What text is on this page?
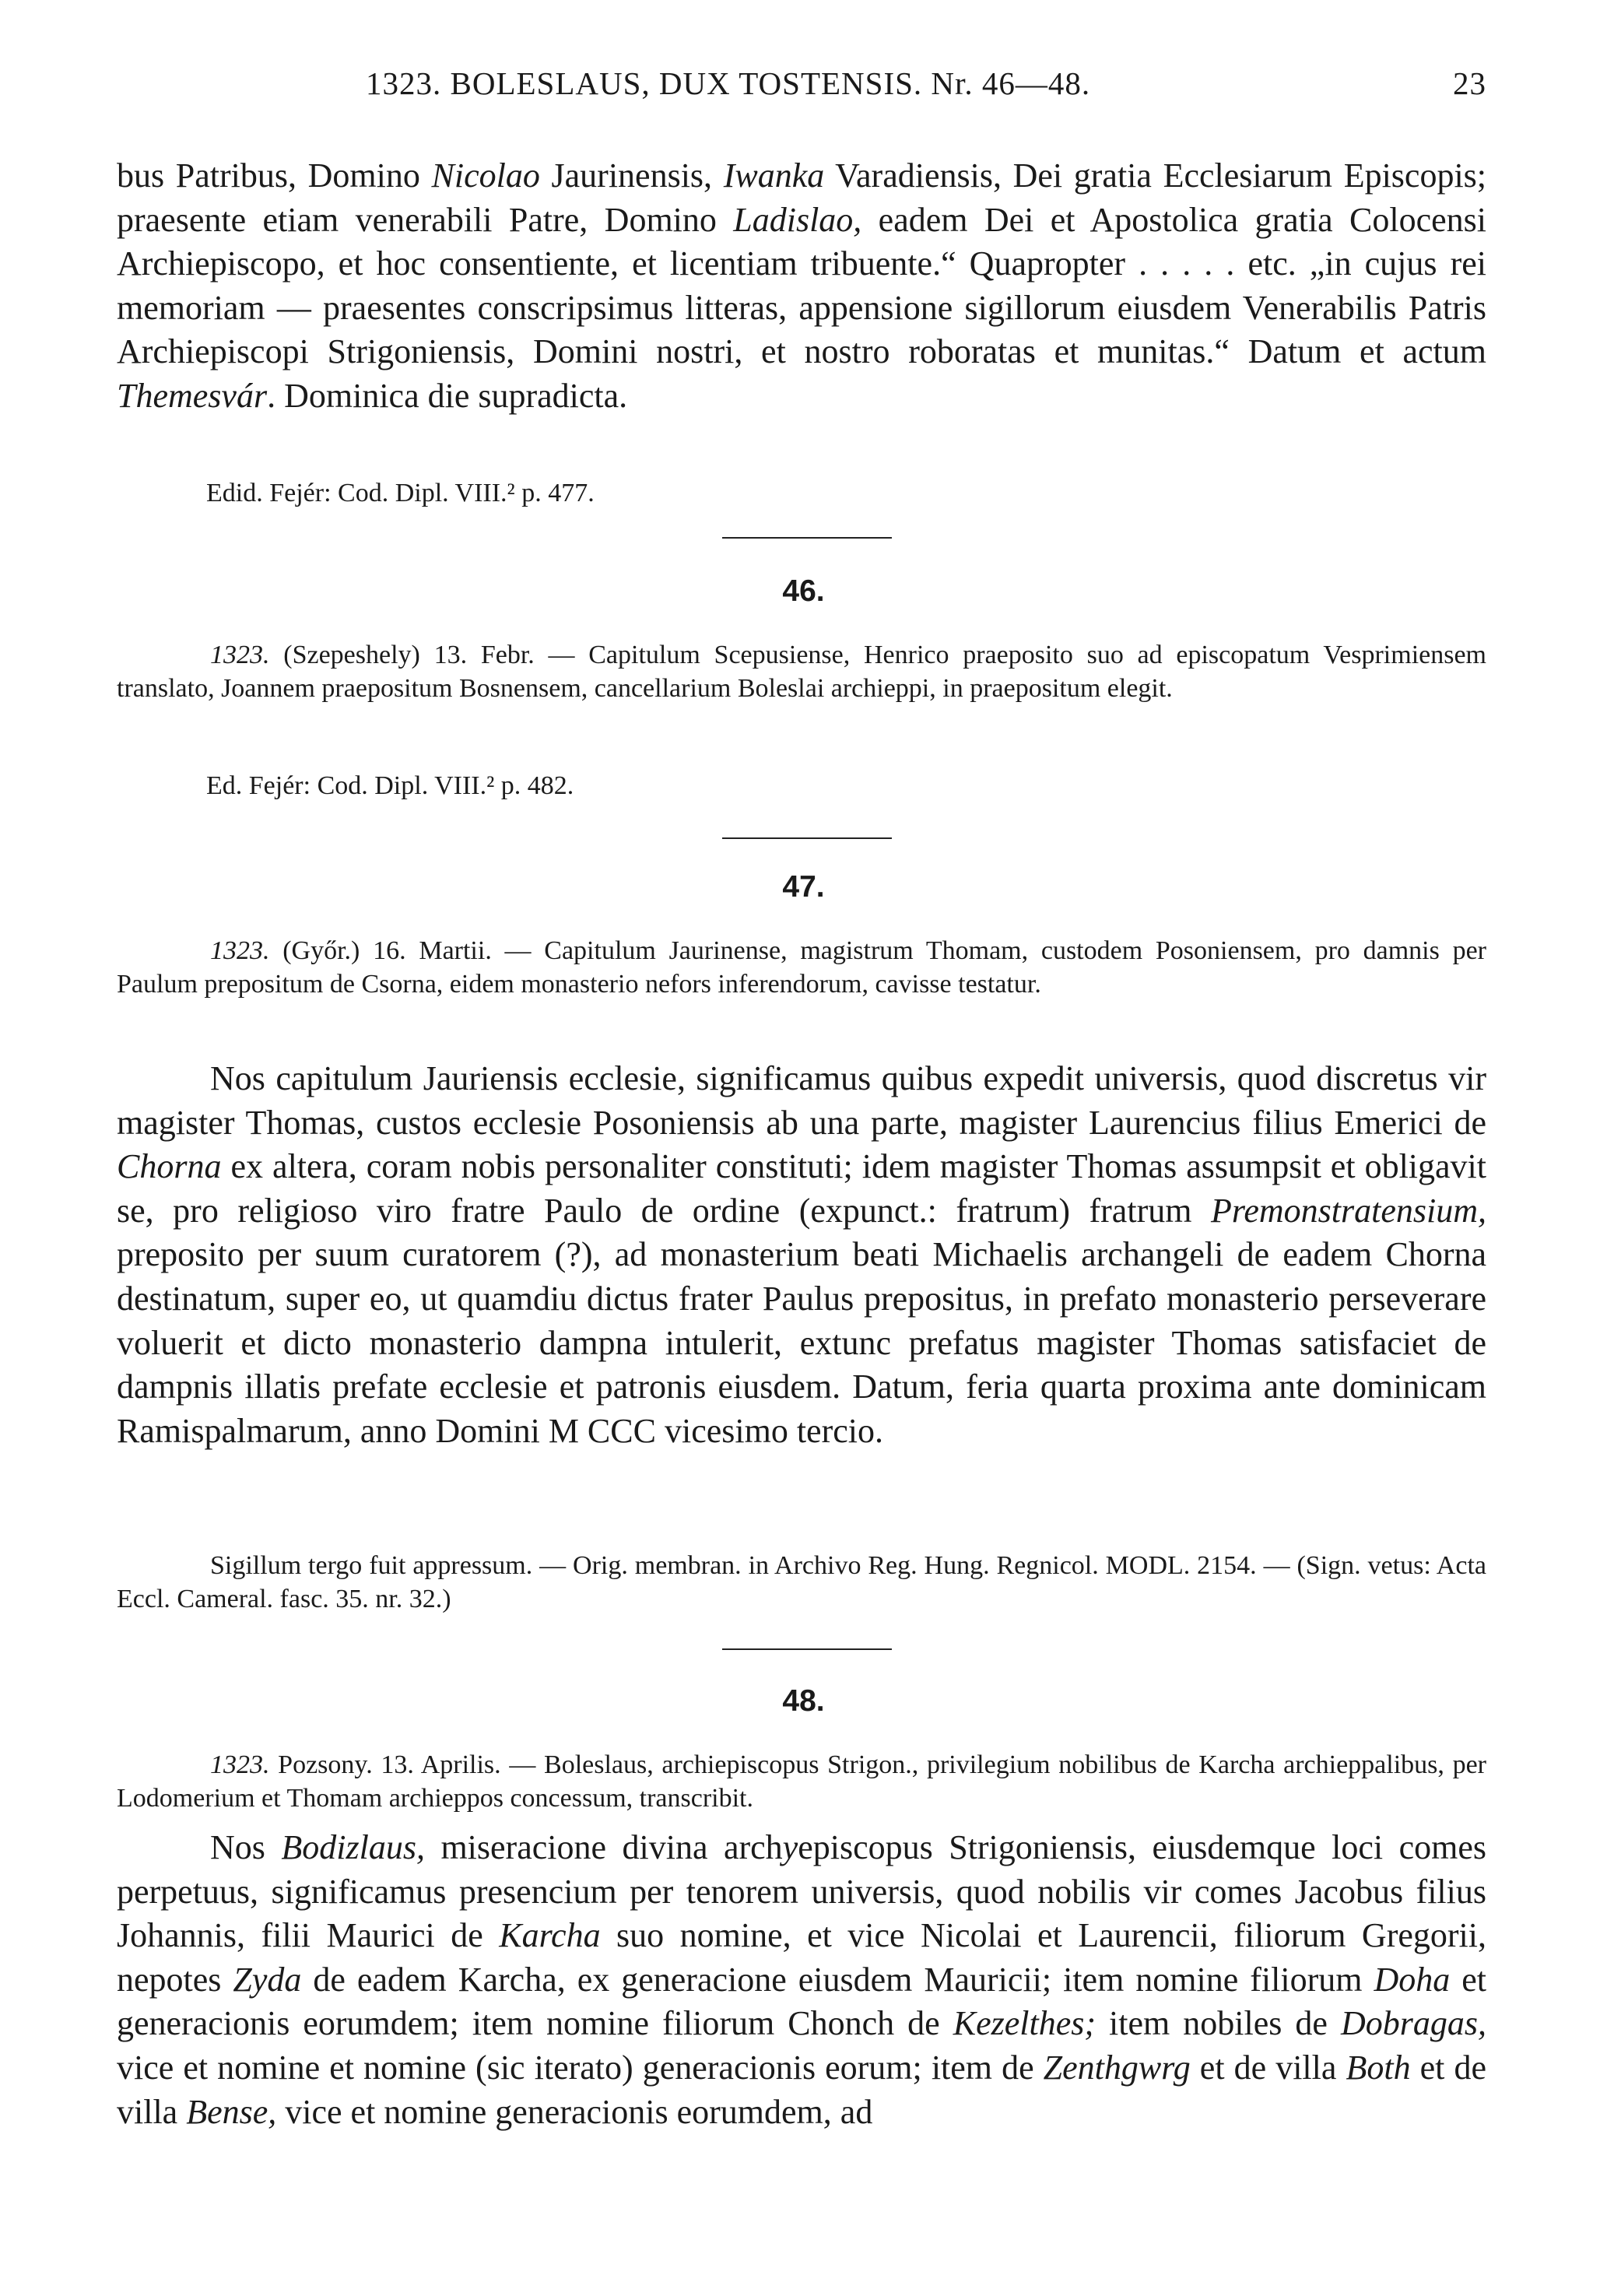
1323. BOLESLAUS, DUX TOSTENSIS. Nr. 46—48.	23
bus Patribus, Domino Nicolao Jaurinensis, Iwanka Varadiensis, Dei gratia Ecclesiarum Episcopis; praesente etiam venerabili Patre, Domino Ladislao, eadem Dei et Apostolica gratia Colocensi Archiepiscopo, et hoc consentiente, et licentiam tribuente.“ Quapropter . . . . . etc. „in cujus rei memoriam — praesentes conscripsimus litteras, appensione sigillorum eiusdem Venerabilis Patris Archiepiscopi Strigoniensis, Domini nostri, et nostro roboratas et munitas.“ Datum et actum Themesvár. Dominica die supradicta.
Edid. Fejér: Cod. Dipl. VIII.² p. 477.
46.
1323. (Szepeshely) 13. Febr. — Capitulum Scepusiense, Henrico praeposito suo ad episcopatum Vesprimiensem translato, Joannem praepositum Bosnensem, cancellarium Boleslai archieppi, in praepositum elegit.
Ed. Fejér: Cod. Dipl. VIII.² p. 482.
47.
1323. (Győr.) 16. Martii. — Capitulum Jaurinense, magistrum Thomam, custodem Posoniensem, pro damnis per Paulum prepositum de Csorna, eidem monasterio nefors inferendorum, cavisse testatur.
Nos capitulum Jauriensis ecclesie, significamus quibus expedit universis, quod discretus vir magister Thomas, custos ecclesie Posoniensis ab una parte, magister Laurencius filius Emerici de Chorna ex altera, coram nobis personaliter constituti; idem magister Thomas assumpsit et obligavit se, pro religioso viro fratre Paulo de ordine (expunct.: fratrum) fratrum Premonstratensium, preposito per suum curatorem (?), ad monasterium beati Michaelis archangeli de eadem Chorna destinatum, super eo, ut quamdiu dictus frater Paulus prepositus, in prefato monasterio perseverare voluerit et dicto monasterio dampna intulerit, extunc prefatus magister Thomas satisfaciet de dampnis illatis prefate ecclesie et patronis eiusdem. Datum, feria quarta proxima ante dominicam Ramispalmarum, anno Domini M CCC vicesimo tercio.
Sigillum tergo fuit appressum. — Orig. membran. in Archivo Reg. Hung. Regnicol. MODL. 2154. — (Sign. vetus: Acta Eccl. Cameral. fasc. 35. nr. 32.)
48.
1323. Pozsony. 13. Aprilis. — Boleslaus, archiepiscopus Strigon., privilegium nobilibus de Karcha archieppalibus, per Lodomerium et Thomam archieppos concessum, transcribit.
Nos Bodizlaus, miseracione divina archyepiscopus Strigoniensis, eiusdemque loci comes perpetuus, significamus presencium per tenorem universis, quod nobilis vir comes Jacobus filius Johannis, filii Maurici de Karcha suo nomine, et vice Nicolai et Laurencii, filiorum Gregorii, nepotes Zyda de eadem Karcha, ex generacione eiusdem Mauricii; item nomine filiorum Doha et generacionis eorumdem; item nomine filiorum Chonch de Kezelthes; item nobiles de Dobragas, vice et nomine et nomine (sic iterato) generacionis eorum; item de Zenthgwrg et de villa Both et de villa Bense, vice et nomine generacionis eorumdem, ad
